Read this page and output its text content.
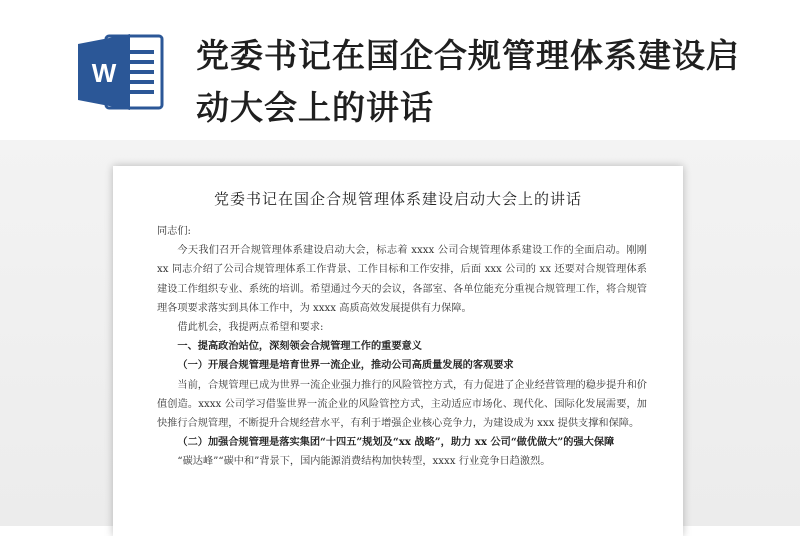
W 党委书记在国企合规管理体系建设启动大会上的讲话
党委书记在国企合规管理体系建设启动大会上的讲话

同志们:

今天我们召开合规管理体系建设启动大会，标志着 xxxx 公司合规管理体系建设工作的全面启动。刚刚 xx 同志介绍了公司合规管理体系工作背景、工作目标和工作安排，后面 xxx 公司的 xx 还要对合规管理体系建设工作组织专业、系统的培训。希望通过今天的会议，各部室、各单位能充分重视合规管理工作，将合规管理各项要求落实到具体工作中，为 xxxx 高质高效发展提供有力保障。

借此机会，我提两点希望和要求:

一、提高政治站位，深刻领会合规管理工作的重要意义

（一）开展合规管理是培育世界一流企业，推动公司高质量发展的客观要求

当前，合规管理已成为世界一流企业强力推行的风险管控方式，有力促进了企业经营管理的稳步提升和价值创造。xxxx 公司学习借鉴世界一流企业的风险管控方式，主动适应市场化、现代化、国际化发展需要，加快推行合规管理，不断提升合规经营水平，有利于增强企业核心竞争力，为建设成为 xxx 提供支撑和保障。

（二）加强合规管理是落实集团“十四五”规划及“xx 战略”，助力 xx 公司“做优做大”的强大保障

“碳达峰”“碳中和”背景下，国内能源消费结构加快转型，xxxx 行业竞争日趋激烈。
